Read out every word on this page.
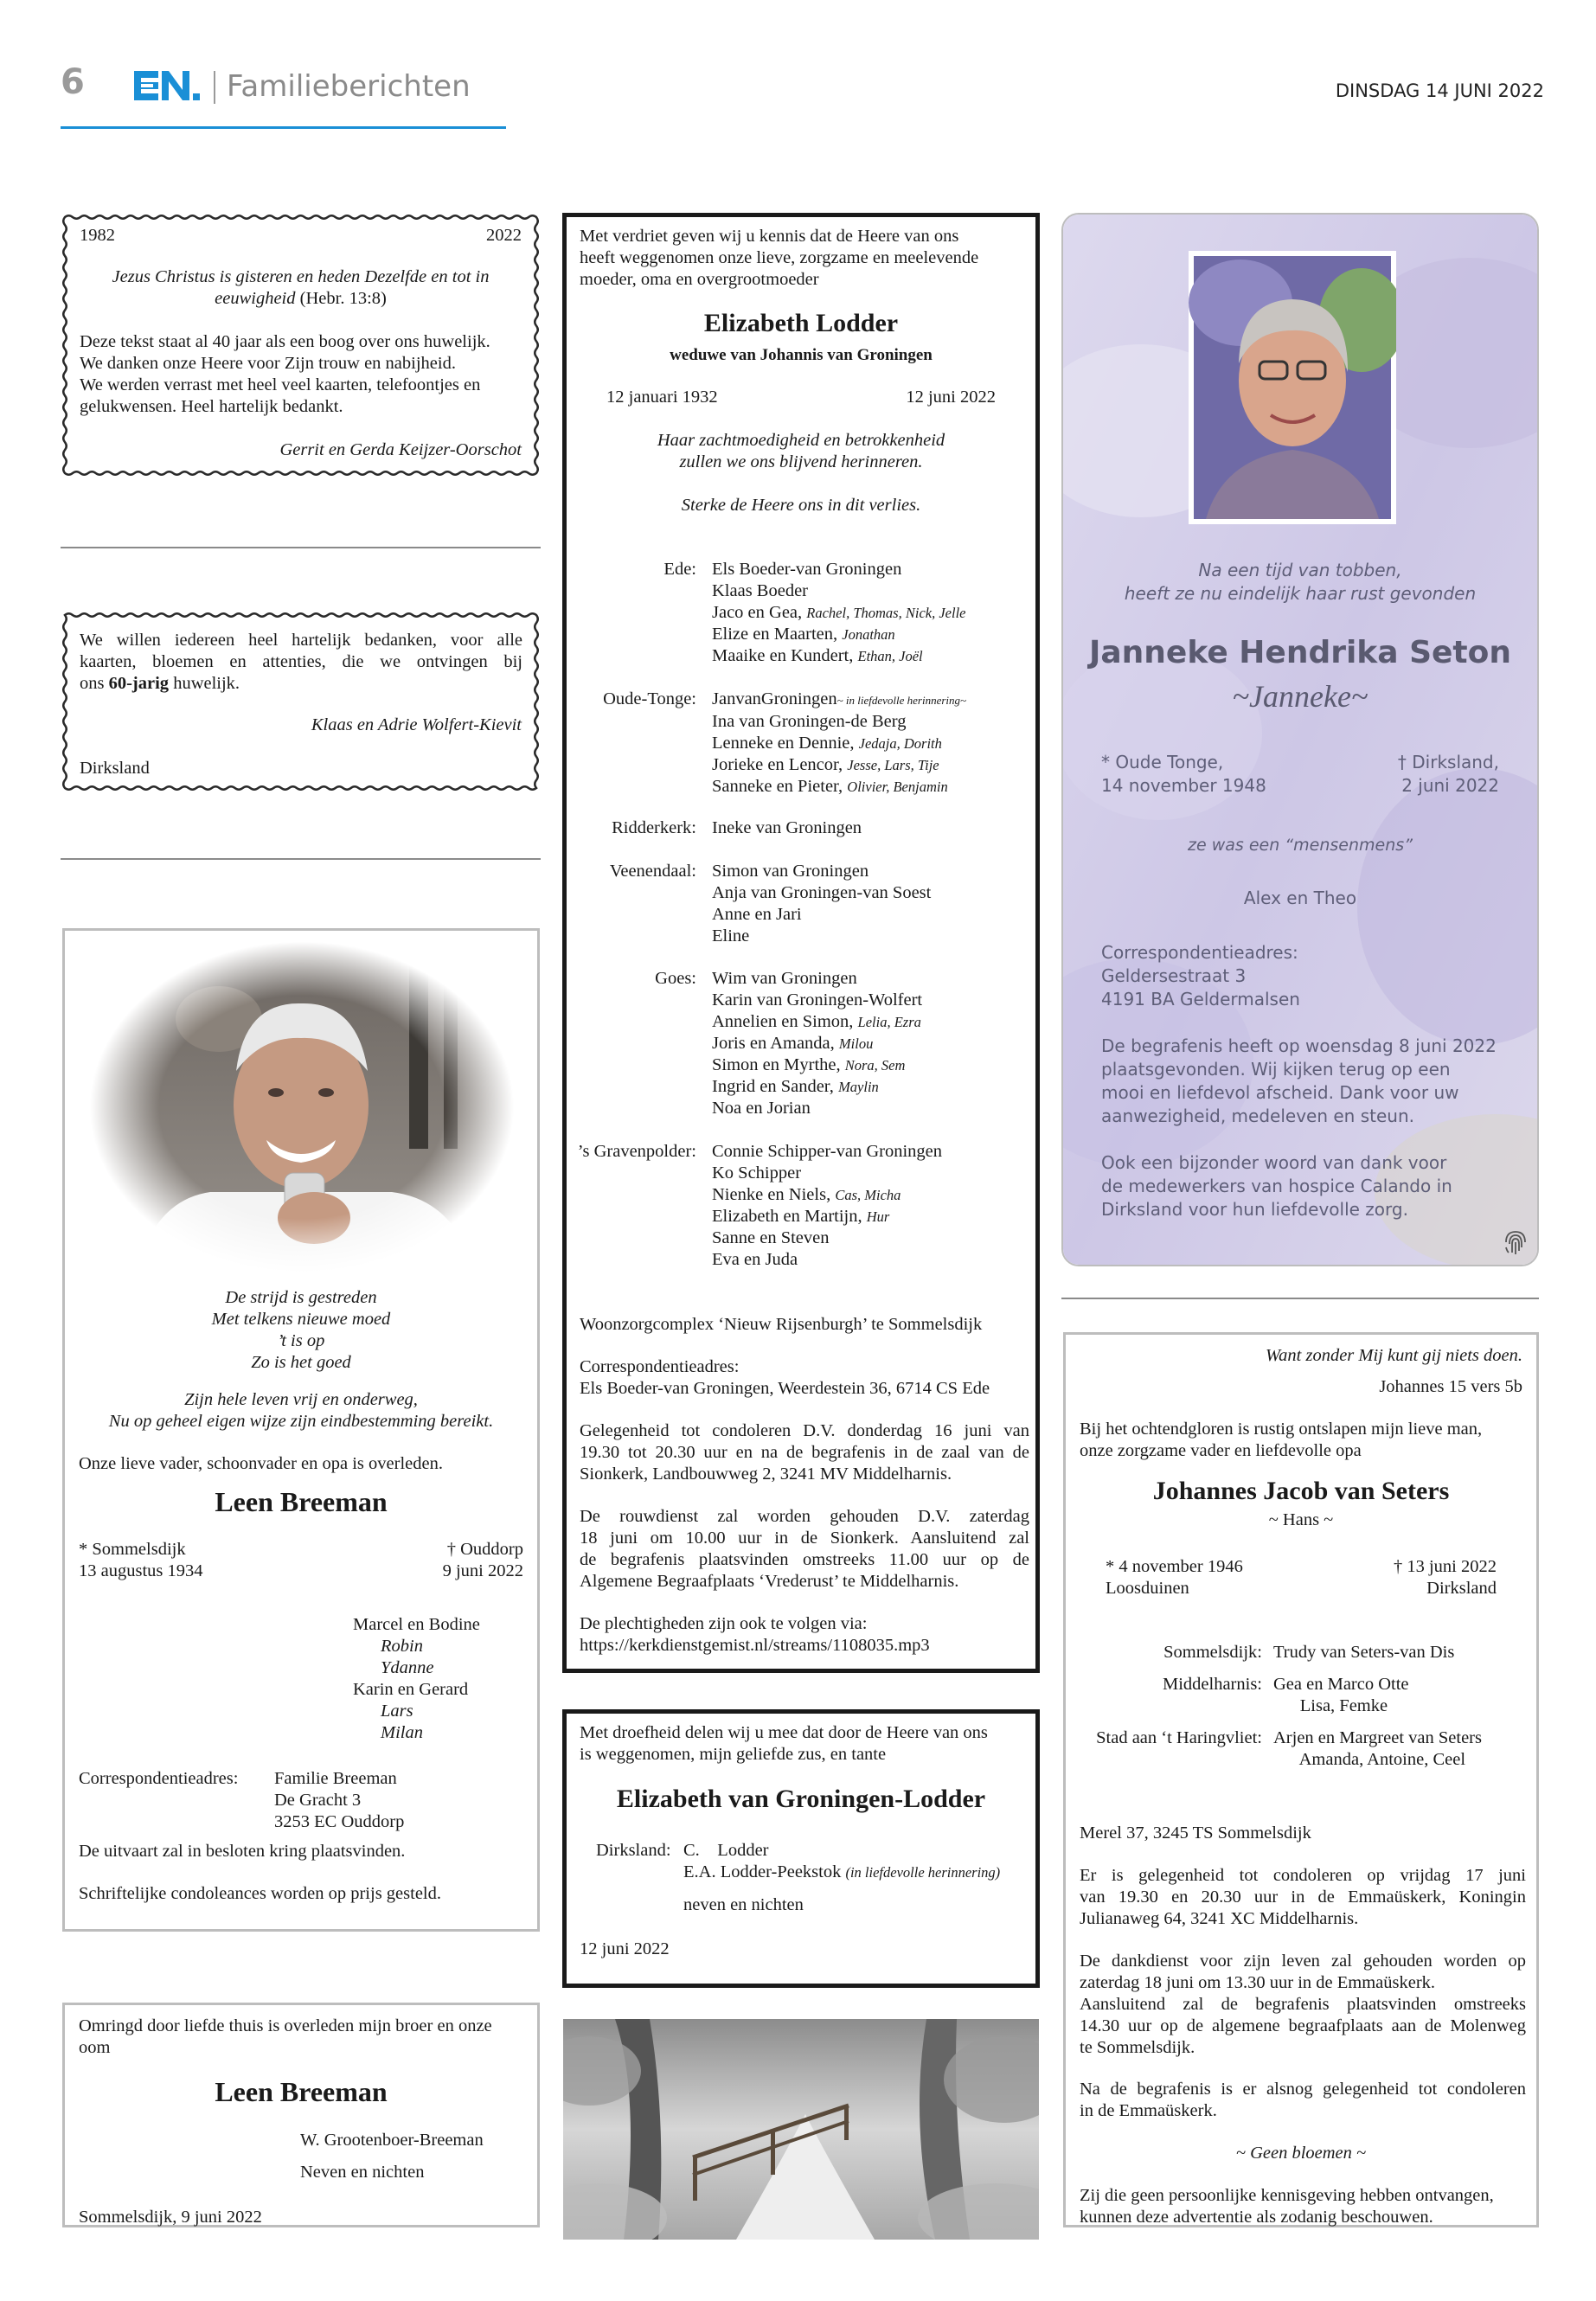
6	Familieberichten	DINSDAG 14 JUNI 2022
1982	2022
Jezus Christus is gisteren en heden Dezelfde en tot in
eeuwigheid (Hebr. 13:8)
Deze tekst staat al 40 jaar als een boog over ons huwelijk.
We danken onze Heere voor Zijn trouw en nabijheid.
We werden verrast met heel veel kaarten, telefoontjes en
gelukwensen. Heel hartelijk bedankt.
Gerrit en Gerda Keijzer-Oorschot
We willen iedereen heel hartelijk bedanken, voor alle
kaarten, bloemen en attenties, die we ontvingen bij
ons 60-jarig huwelijk.
Klaas en Adrie Wolfert-Kievit
Dirksland
De strijd is gestreden
Met telkens nieuwe moed
’t is op
Zo is het goed
Zijn hele leven vrij en onderweg,
Nu op geheel eigen wijze zijn eindbestemming bereikt.
Onze lieve vader, schoonvader en opa is overleden.
Leen Breeman
* Sommelsdijk
13 augustus 1934
† Ouddorp
9 juni 2022
Marcel en Bodine
Robin
Ydanne
Karin en Gerard
Lars
Milan
Correspondentieadres: Familie Breeman
De Gracht 3
3253 EC Ouddorp
De uitvaart zal in besloten kring plaatsvinden.
Schriftelijke condoleances worden op prijs gesteld.
Omringd door liefde thuis is overleden mijn broer en onze
oom
Leen Breeman
W. Grootenboer-Breeman
Neven en nichten
Sommelsdijk, 9 juni 2022
Met verdriet geven wij u kennis dat de Heere van ons
heeft weggenomen onze lieve, zorgzame en meelevende
moeder, oma en overgrootmoeder
Elizabeth Lodder
weduwe van Johannis van Groningen
12 januari 1932	12 juni 2022
Haar zachtmoedigheid en betrokkenheid
zullen we ons blijvend herinneren.
Sterke de Heere ons in dit verlies.
Ede: Els Boeder-van Groningen
Klaas Boeder
Jaco en Gea, Rachel, Thomas, Nick, Jelle
Elize en Maarten, Jonathan
Maaike en Kundert, Ethan, Joël
Oude-Tonge: JanvanGroningen~ in liefdevolle herinnering~
Ina van Groningen-de Berg
Lenneke en Dennie, Jedaja, Dorith
Jorieke en Lencor, Jesse, Lars, Tije
Sanneke en Pieter, Olivier, Benjamin
Ridderkerk: Ineke van Groningen
Veenendaal: Simon van Groningen
Anja van Groningen-van Soest
Anne en Jari
Eline
Goes: Wim van Groningen
Karin van Groningen-Wolfert
Annelien en Simon, Lelia, Ezra
Joris en Amanda, Milou
Simon en Myrthe, Nora, Sem
Ingrid en Sander, Maylin
Noa en Jorian
’s Gravenpolder: Connie Schipper-van Groningen
Ko Schipper
Nienke en Niels, Cas, Micha
Elizabeth en Martijn, Hur
Sanne en Steven
Eva en Juda
Woonzorgcomplex ‘Nieuw Rijsenburgh’ te Sommelsdijk
Correspondentieadres:
Els Boeder-van Groningen, Weerdestein 36, 6714 CS Ede
Gelegenheid tot condoleren D.V. donderdag 16 juni van
19.30 tot 20.30 uur en na de begrafenis in de zaal van de
Sionkerk, Landbouwweg 2, 3241 MV Middelharnis.
De rouwdienst zal worden gehouden D.V. zaterdag
18 juni om 10.00 uur in de Sionkerk. Aansluitend zal
de begrafenis plaatsvinden omstreeks 11.00 uur op de
Algemene Begraafplaats ‘Vrederust’ te Middelharnis.
De plechtigheden zijn ook te volgen via:
https://kerkdienstgemist.nl/streams/1108035.mp3
Met droefheid delen wij u mee dat door de Heere van ons
is weggenomen, mijn geliefde zus, en tante
Elizabeth van Groningen-Lodder
Dirksland: C.    Lodder
E.A. Lodder-Peekstok (in liefdevolle herinnering)
neven en nichten
12 juni 2022
Na een tijd van tobben,
heeft ze nu eindelijk haar rust gevonden
Janneke Hendrika Seton
~Janneke~
* Oude Tonge,
14 november 1948
† Dirksland,
2 juni 2022
ze was een “mensenmens”
Alex en Theo
Correspondentieadres:
Geldersestraat 3
4191 BA Geldermalsen
De begrafenis heeft op woensdag 8 juni 2022
plaatsgevonden. Wij kijken terug op een
mooi en liefdevol afscheid. Dank voor uw
aanwezigheid, medeleven en steun.
Ook een bijzonder woord van dank voor
de medewerkers van hospice Calando in
Dirksland voor hun liefdevolle zorg.
Want zonder Mij kunt gij niets doen.
Johannes 15 vers 5b
Bij het ochtendgloren is rustig ontslapen mijn lieve man,
onze zorgzame vader en liefdevolle opa
Johannes Jacob van Seters
~ Hans ~
* 4 november 1946
Loosduinen
† 13 juni 2022
Dirksland
Sommelsdijk: Trudy van Seters-van Dis
Middelharnis: Gea en Marco Otte
Lisa, Femke
Stad aan ‘t Haringvliet: Arjen en Margreet van Seters
Amanda, Antoine, Ceel
Merel 37, 3245 TS Sommelsdijk
Er is gelegenheid tot condoleren op vrijdag 17 juni
van 19.30 en 20.30 uur in de Emmaüskerk, Koningin
Julianaweg 64, 3241 XC Middelharnis.
De dankdienst voor zijn leven zal gehouden worden op
zaterdag 18 juni om 13.30 uur in de Emmaüskerk.
Aansluitend zal de begrafenis plaatsvinden omstreeks
14.30 uur op de algemene begraafplaats aan de Molenweg
te Sommelsdijk.
Na de begrafenis is er alsnog gelegenheid tot condoleren
in de Emmaüskerk.
~ Geen bloemen ~
Zij die geen persoonlijke kennisgeving hebben ontvangen,
kunnen deze advertentie als zodanig beschouwen.
